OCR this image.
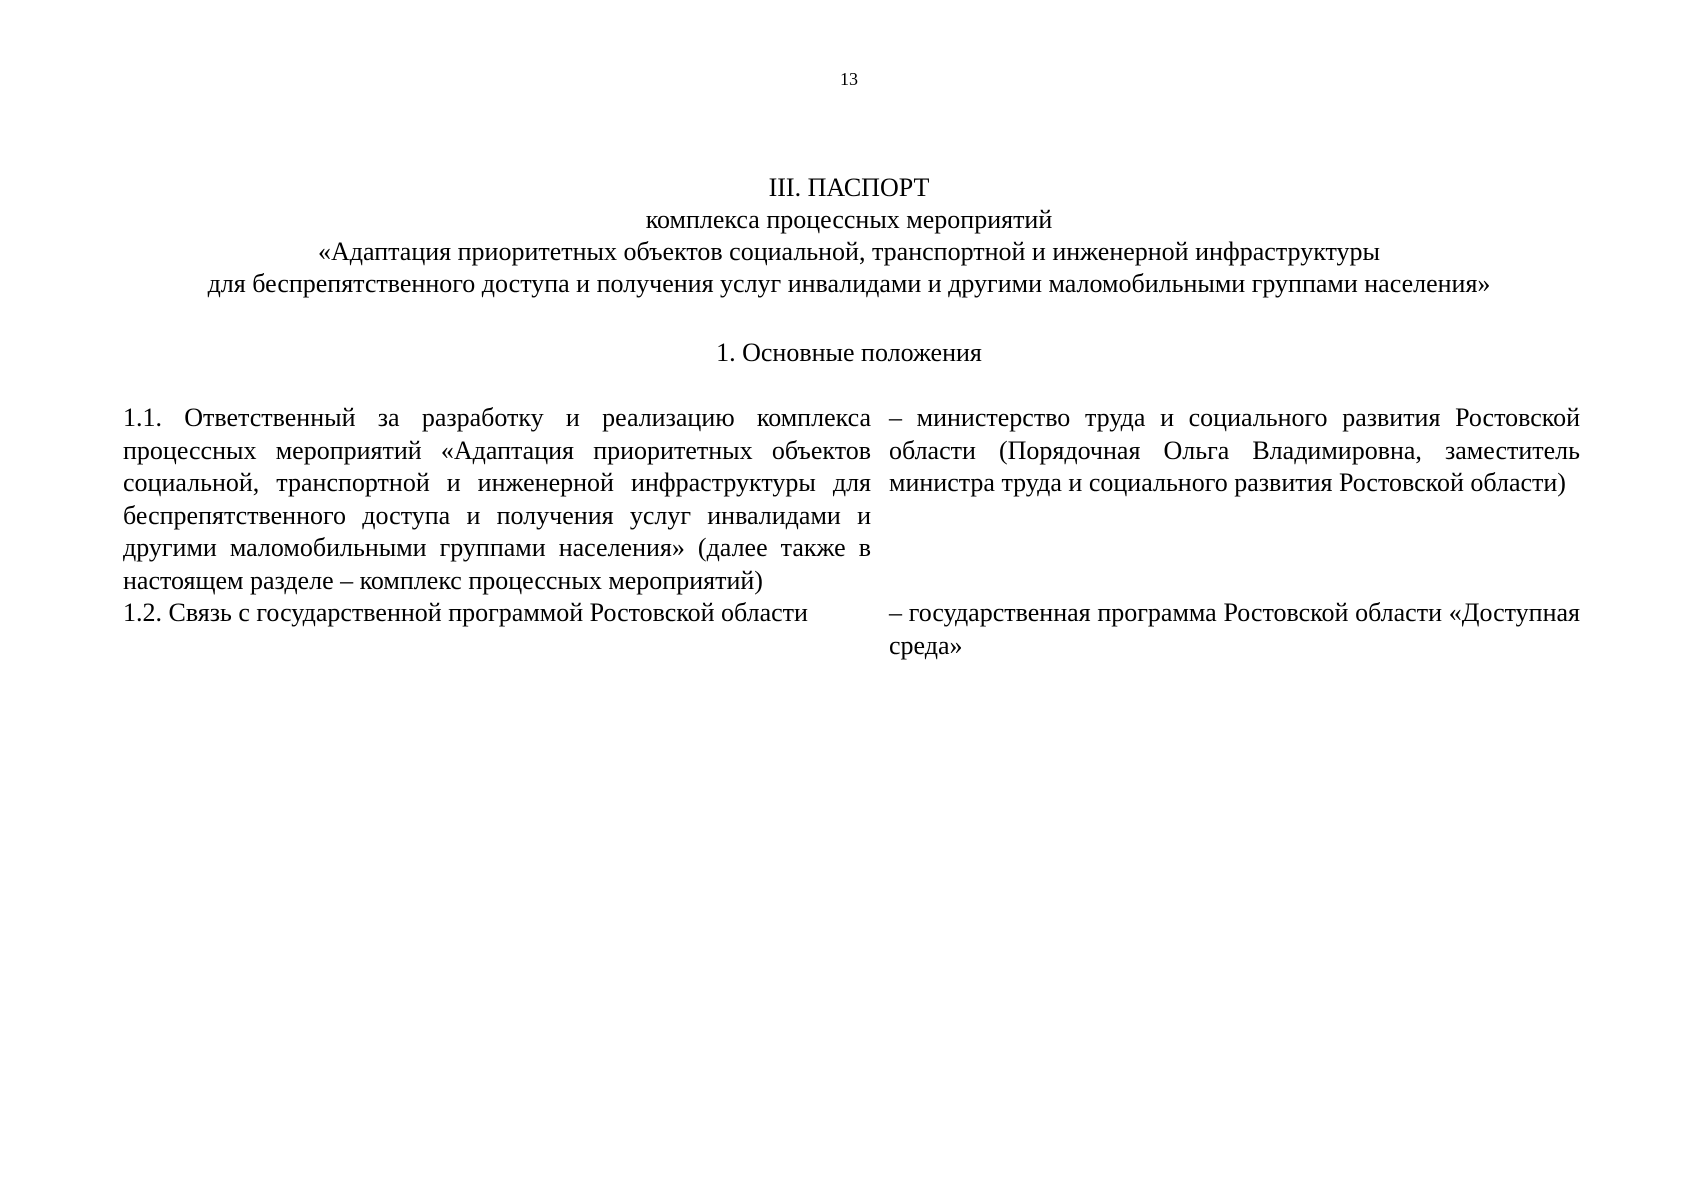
13
III. ПАСПОРТ
комплекса процессных мероприятий
«Адаптация приоритетных объектов социальной, транспортной и инженерной инфраструктуры
для беспрепятственного доступа и получения услуг инвалидами и другими маломобильными группами населения»
1. Основные положения
1.1. Ответственный за разработку и реализацию комплекса процессных мероприятий «Адаптация приоритетных объектов социальной, транспортной и инженерной инфраструктуры для беспрепятственного доступа и получения услуг инвалидами и другими маломобильными группами населения» (далее также в настоящем разделе – комплекс процессных мероприятий)
– министерство труда и социального развития Ростовской области (Порядочная Ольга Владимировна, заместитель министра труда и социального развития Ростовской области)
1.2. Связь с государственной программой Ростовской области	– государственная программа Ростовской области «Доступная среда»
